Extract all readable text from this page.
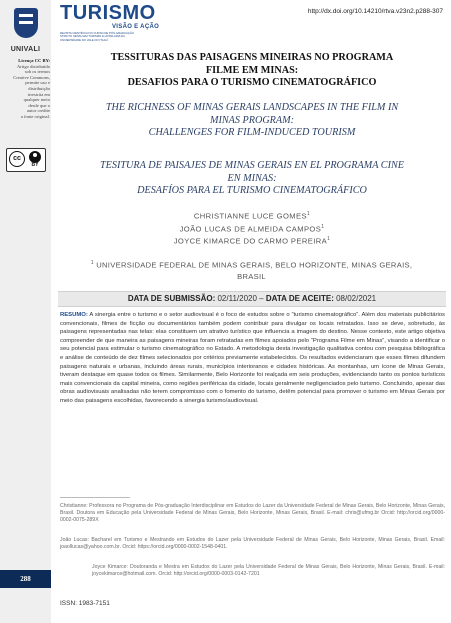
UNIVALI
Licença CC BY:
Artigo distribuído
sob os termos
Creative Commons,
permite uso e
distribuição
irrestrita em
qualquer meio
desde que o
autor credite
a fonte original.
cc
BY
288
TURISMO
VISÃO E AÇÃO
REVISTA CIENTÍFICA DO CURSO DE PÓS-GRADUAÇÃO STRICTO SENSU EM TURISMO E HOTELARIA DA UNIVERSIDADE DO VALE DO ITAJAÍ
http://dx.doi.org/10.14210/rtva.v23n2.p288-307
TESSITURAS DAS PAISAGENS MINEIRAS NO PROGRAMA
FILME EM MINAS:
DESAFIOS PARA O TURISMO CINEMATOGRÁFICO
THE RICHNESS OF MINAS GERAIS LANDSCAPES IN THE FILM IN
MINAS PROGRAM:
CHALLENGES FOR FILM-INDUCED TOURISM
TESITURA DE PAISAJES DE MINAS GERAIS EN EL PROGRAMA CINE
EN MINAS:
DESAFÍOS PARA EL TURISMO CINEMATOGRÁFICO
CHRISTIANNE LUCE GOMES$^1$
JOÃO LUCAS DE ALMEIDA CAMPOS$^1$
JOYCE KIMARCE DO CARMO PEREIRA$^1$
$^1$ UNIVERSIDADE FEDERAL DE MINAS GERAIS, BELO HORIZONTE, MINAS GERAIS,
BRASIL
DATA DE SUBMISSÃO: 02/11/2020 – DATA DE ACEITE: 08/02/2021
RESUMO: A sinergia entre o turismo e o setor audiovisual é o foco de estudos sobre o “turismo cinematográfico”. Além dos materiais publicitários convencionais, filmes de ficção ou documentários também podem contribuir para divulgar os locais retratados. Isso se deve, sobretudo, às paisagens representadas nas telas: elas constituem um atrativo turístico que influencia a imagem do destino. Nesse contexto, este artigo objetiva compreender de que maneira as paisagens mineiras foram retratadas em filmes apoiados pelo “Programa Filme em Minas”, visando a identificar o seu potencial para estimular o turismo cinematográfico no Estado. A metodologia desta investigação qualitativa contou com pesquisa bibliográfica e análise de conteúdo de dez filmes selecionados por critérios previamente estabelecidos. Os resultados evidenciaram que esses filmes difundem paisagens naturais e urbanas, incluindo áreas rurais, municípios interioranos e cidades históricas. As montanhas, um ícone de Minas Gerais, tiveram destaque em quase todos os filmes. Similarmente, Belo Horizonte foi realçada em seis produções, evidenciando tanto os pontos turísticos mais convencionais da capital mineira, como regiões periféricas da cidade, locais geralmente negligenciados pelo turismo. Concluindo, apesar das obras audiovisuais analisadas não terem compromisso com o fomento do turismo, detêm potencial para promover o turismo em Minas Gerais por meio das paisagens escolhidas, favorecendo a sinergia turismo/audiovisual.
Christianne: Professora no Programa de Pós-graduação Interdisciplinar em Estudos do Lazer da Universidade Federal de Minas Gerais, Belo Horizonte, Minas Gerais, Brasil. Doutora em Educação pela Universidade Federal de Minas Gerais, Belo Horizonte, Minas Gerais, Brasil. E-mail: chris@ufmg.br Orcid: http://orcid.org/0000-0002-0075-289X
João Lucas: Bacharel em Turismo e Mestrando em Estudos do Lazer pela Universidade Federal de Minas Gerais, Belo Horizonte, Minas Gerais, Brasil. Email: joaollucas@yahoo.com.br. Orcid: https://orcid.org/0000-0002-1548-0401.
Joyce Kimarce: Doutoranda e Mestra em Estudos do Lazer pela Universidade Federal de Minas Gerais, Belo Horizonte, Minas Gerais, Brasil. E-mail: joycekimarce@hotmail.com. Orcid: http://orcid.org/0000-0003-0142-7201
ISSN: 1983-7151
